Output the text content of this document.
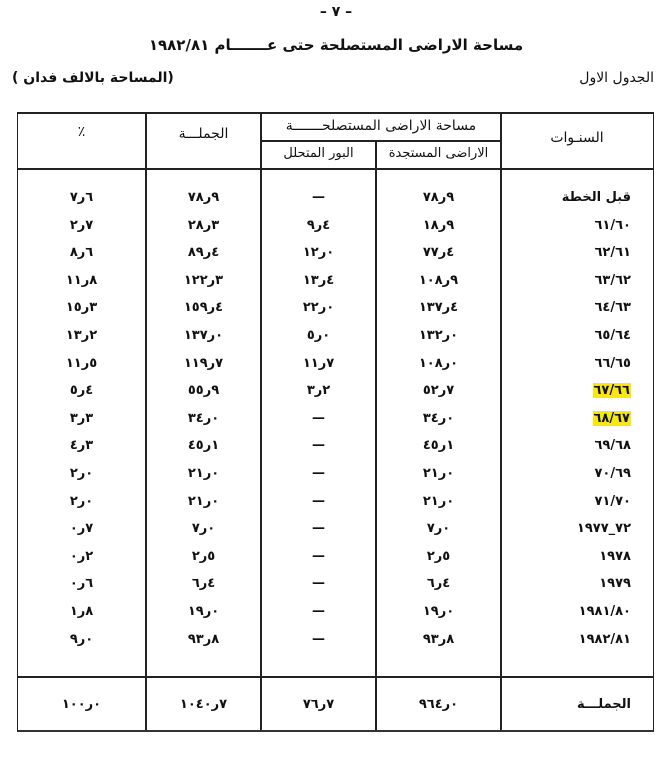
– ٧ –
مساحة الاراضى المستصلحة حتى عـــــــام ١٩٨٢/٨١
الجدول الاول
(المساحة بالالف فدان )
السنـوات
مساحة الاراضى المستصلحـــــــة
الاراضى المستجدة
البور المتحلل
الجملـــة
٪
قبل الخطة
٧٨ر٩
—
٧٨ر٩
٧ر٦
٦١/٦٠
١٨ر٩
٩ر٤
٢٨ر٣
٢ر٧
٦٢/٦١
٧٧ر٤
١٢ر٠
٨٩ر٤
٨ر٦
٦٣/٦٢
١٠٨ر٩
١٣ر٤
١٢٢ر٣
١١ر٨
٦٤/٦٣
١٣٧ر٤
٢٢ر٠
١٥٩ر٤
١٥ر٣
٦٥/٦٤
١٣٢ر٠
٥ر٠
١٣٧ر٠
١٣ر٢
٦٦/٦٥
١٠٨ر٠
١١ر٧
١١٩ر٧
١١ر٥
٦٧/٦٦
٥٢ر٧
٣ر٢
٥٥ر٩
٥ر٤
٦٨/٦٧
٣٤ر٠
—
٣٤ر٠
٣ر٣
٦٩/٦٨
٤٥ر١
—
٤٥ر١
٤ر٣
٧٠/٦٩
٢١ر٠
—
٢١ر٠
٢ر٠
٧١/٧٠
٢١ر٠
—
٢١ر٠
٢ر٠
١٩٧٧_٧٢
٧ر٠
—
٧ر٠
٠ر٧
١٩٧٨
٢ر٥
—
٢ر٥
٠ر٢
١٩٧٩
٦ر٤
—
٦ر٤
٠ر٦
١٩٨١/٨٠
١٩ر٠
—
١٩ر٠
١ر٨
١٩٨٢/٨١
٩٣ر٨
—
٩٣ر٨
٩ر٠
الجملـــة
٩٦٤ر٠
٧٦ر٧
١٠٤٠ر٧
١٠٠ر٠
